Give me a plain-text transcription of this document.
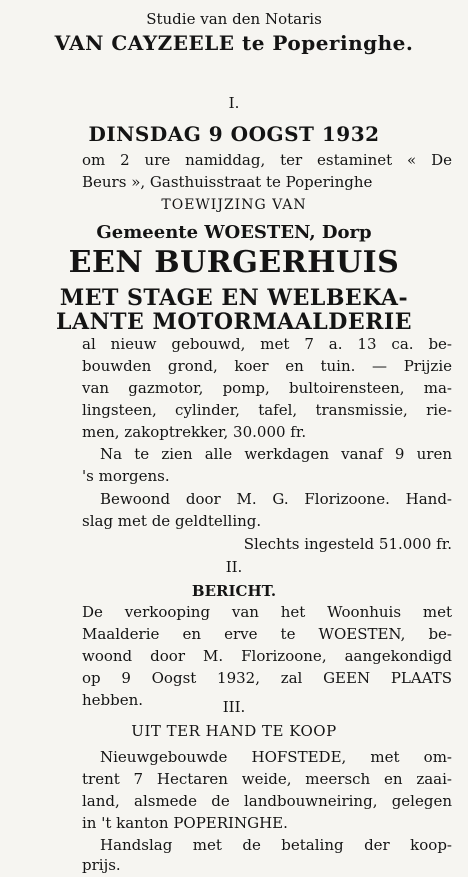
Studie van den Notaris
VAN CAYZEELE te Poperinghe.
I.
DINSDAG 9 OOGST 1932
om 2 ure namiddag, ter estaminet « De
Beurs », Gasthuisstraat te Poperinghe
TOEWIJZING VAN
Gemeente WOESTEN, Dorp
EEN BURGERHUIS
MET STAGE EN WELBEKA-
LANTE MOTORMAALDERIE
al nieuw gebouwd, met 7 a. 13 ca. be-
bouwden grond, koer en tuin. — Prijzie
van gazmotor, pomp, bultoirensteen, ma-
lingsteen, cylinder, tafel, transmissie, rie-
men, zakoptrekker, 30.000 fr.
Na te zien alle werkdagen vanaf 9 uren
's morgens.
Bewoond door M. G. Florizoone. Hand-
slag met de geldtelling.
Slechts ingesteld 51.000 fr.
II.
BERICHT.
De verkooping van het Woonhuis met
Maalderie en erve te WOESTEN, be-
woond door M. Florizoone, aangekondigd
op 9 Oogst 1932, zal GEEN PLAATS
hebben.	III.
UIT TER HAND TE KOOP
Nieuwgebouwde HOFSTEDE, met om-
trent 7 Hectaren weide, meersch en zaai-
land, alsmede de landbouwneiring, gelegen
in 't kanton POPERINGHE.
Handslag met de betaling der koop-
prijs.
